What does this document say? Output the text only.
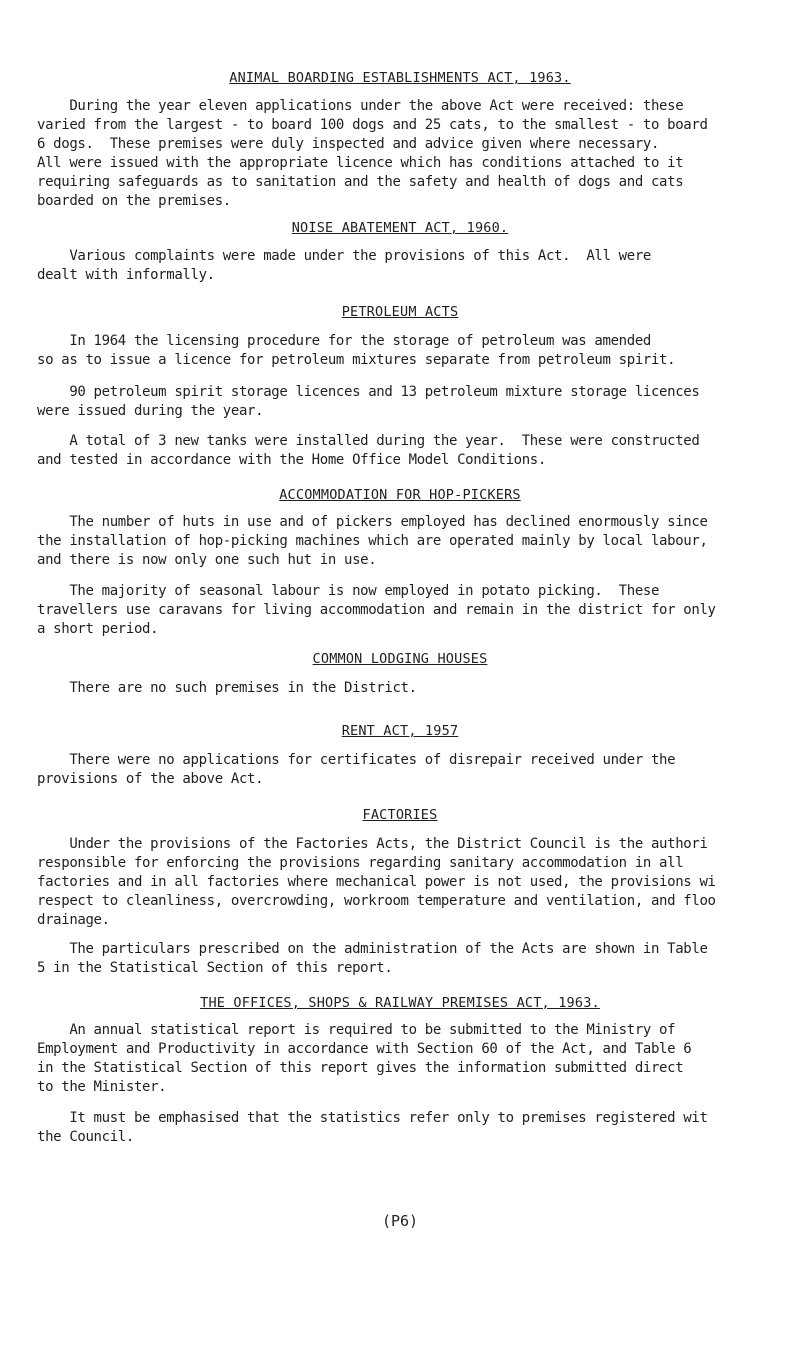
ANIMAL BOARDING ESTABLISHMENTS ACT, 1963.
During the year eleven applications under the above Act were received: these
varied from the largest - to board 100 dogs and 25 cats, to the smallest - to board
6 dogs.  These premises were duly inspected and advice given where necessary.
All were issued with the appropriate licence which has conditions attached to it
requiring safeguards as to sanitation and the safety and health of dogs and cats
boarded on the premises.
NOISE ABATEMENT ACT, 1960.
Various complaints were made under the provisions of this Act.  All were
dealt with informally.
PETROLEUM ACTS
In 1964 the licensing procedure for the storage of petroleum was amended
so as to issue a licence for petroleum mixtures separate from petroleum spirit.
90 petroleum spirit storage licences and 13 petroleum mixture storage licences
were issued during the year.
A total of 3 new tanks were installed during the year.  These were constructed
and tested in accordance with the Home Office Model Conditions.
ACCOMMODATION FOR HOP-PICKERS
The number of huts in use and of pickers employed has declined enormously since
the installation of hop-picking machines which are operated mainly by local labour,
and there is now only one such hut in use.
The majority of seasonal labour is now employed in potato picking.  These
travellers use caravans for living accommodation and remain in the district for only
a short period.
COMMON LODGING HOUSES
There are no such premises in the District.
RENT ACT, 1957
There were no applications for certificates of disrepair received under the
provisions of the above Act.
FACTORIES
Under the provisions of the Factories Acts, the District Council is the authori
responsible for enforcing the provisions regarding sanitary accommodation in all
factories and in all factories where mechanical power is not used, the provisions wi
respect to cleanliness, overcrowding, workroom temperature and ventilation, and floo
drainage.
The particulars prescribed on the administration of the Acts are shown in Table
5 in the Statistical Section of this report.
THE OFFICES, SHOPS & RAILWAY PREMISES ACT, 1963.
An annual statistical report is required to be submitted to the Ministry of
Employment and Productivity in accordance with Section 60 of the Act, and Table 6
in the Statistical Section of this report gives the information submitted direct
to the Minister.
It must be emphasised that the statistics refer only to premises registered wit
the Council.
(P6)
